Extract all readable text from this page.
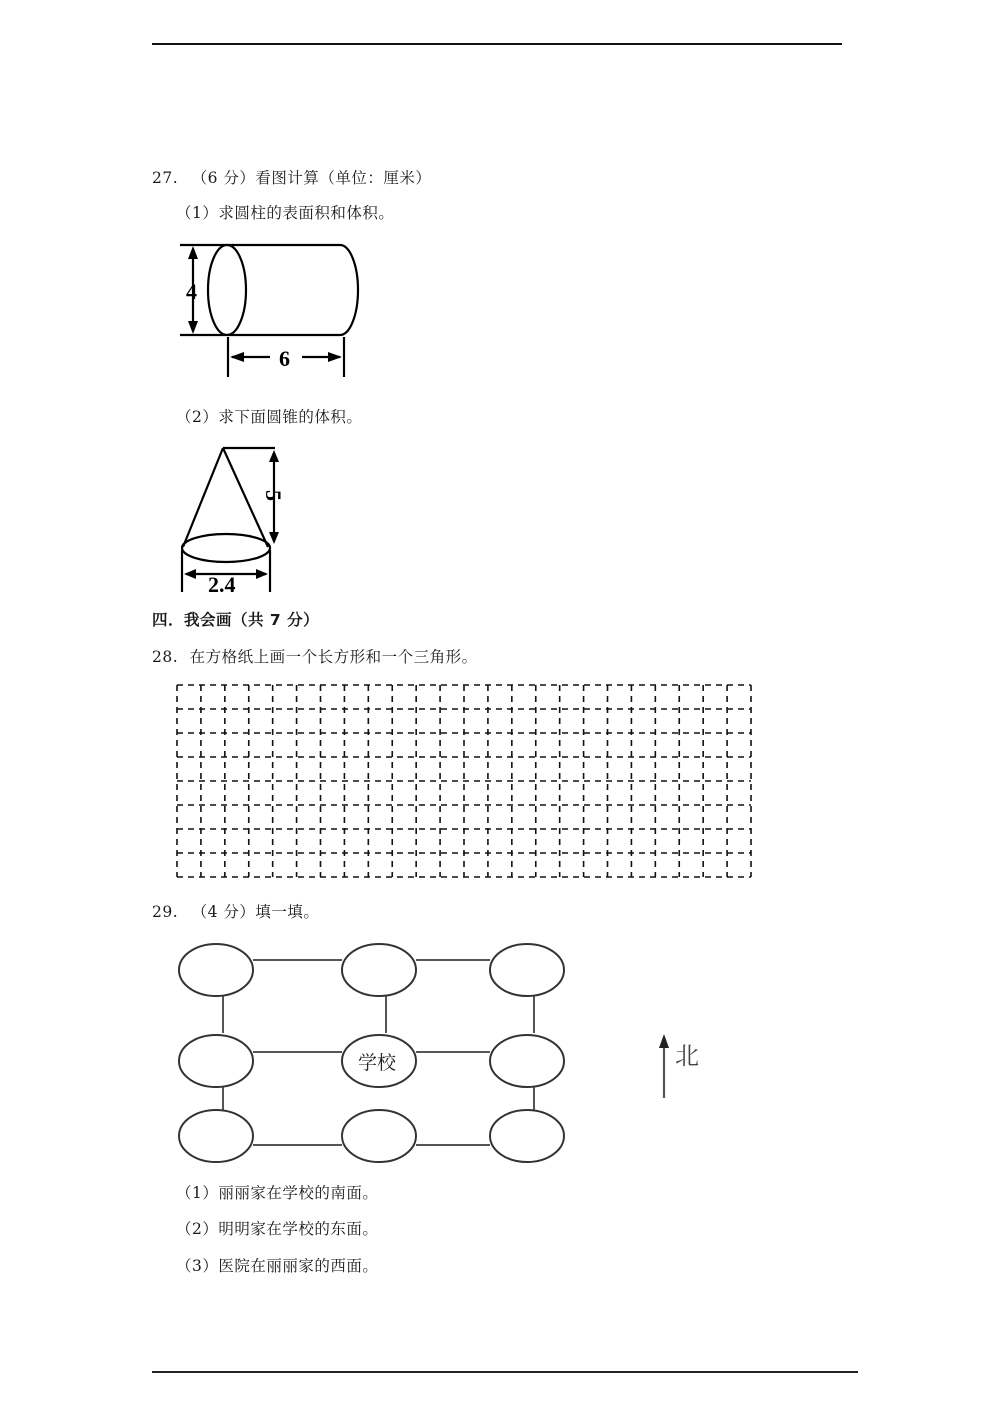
27. （6 分）看图计算（单位：厘米）
（1）求圆柱的表面积和体积。
4
6
（2）求下面圆锥的体积。
5
2.4
四．我会画（共 7 分）
28. 在方格纸上画一个长方形和一个三角形。
29. （4 分）填一填。
学校	北
（1）丽丽家在学校的南面。
（2）明明家在学校的东面。
（3）医院在丽丽家的西面。
